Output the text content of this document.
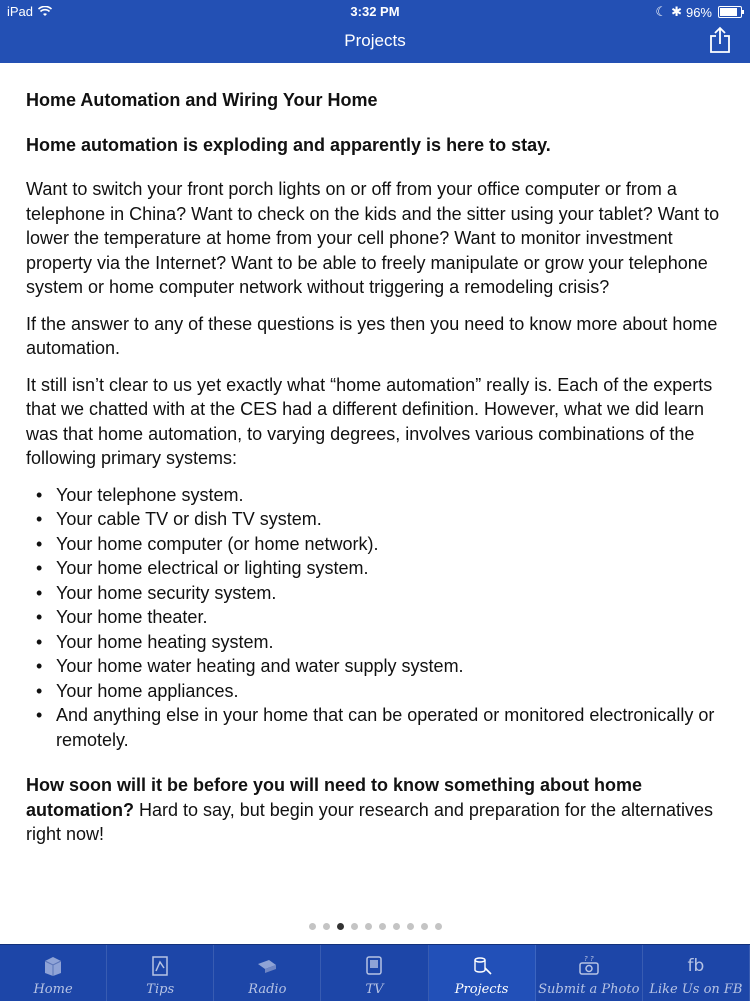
iPad	3:32 PM	☾ ✱ 96%
Projects

Home Automation and Wiring Your Home

Home automation is exploding and apparently is here to stay.

Want to switch your front porch lights on or off from your office computer or from a telephone in China? Want to check on the kids and the sitter using your tablet? Want to lower the temperature at home from your cell phone? Want to monitor investment property via the Internet? Want to be able to freely manipulate or grow your telephone system or home computer network without triggering a remodeling crisis?

If the answer to any of these questions is yes then you need to know more about home automation.

It still isn’t clear to us yet exactly what “home automation” really is. Each of the experts that we chatted with at the CES had a different definition. However, what we did learn was that home automation, to varying degrees, involves various combinations of the following primary systems:

• Your telephone system.
• Your cable TV or dish TV system.
• Your home computer (or home network).
• Your home electrical or lighting system.
• Your home security system.
• Your home theater.
• Your home heating system.
• Your home water heating and water supply system.
• Your home appliances.
• And anything else in your home that can be operated or monitored electronically or remotely.

How soon will it be before you will need to know something about home automation? Hard to say, but begin your research and preparation for the alternatives right now!

Home	Tips	Radio	TV	Projects
? ?
Submit a Photo
fb
Like Us on FB
